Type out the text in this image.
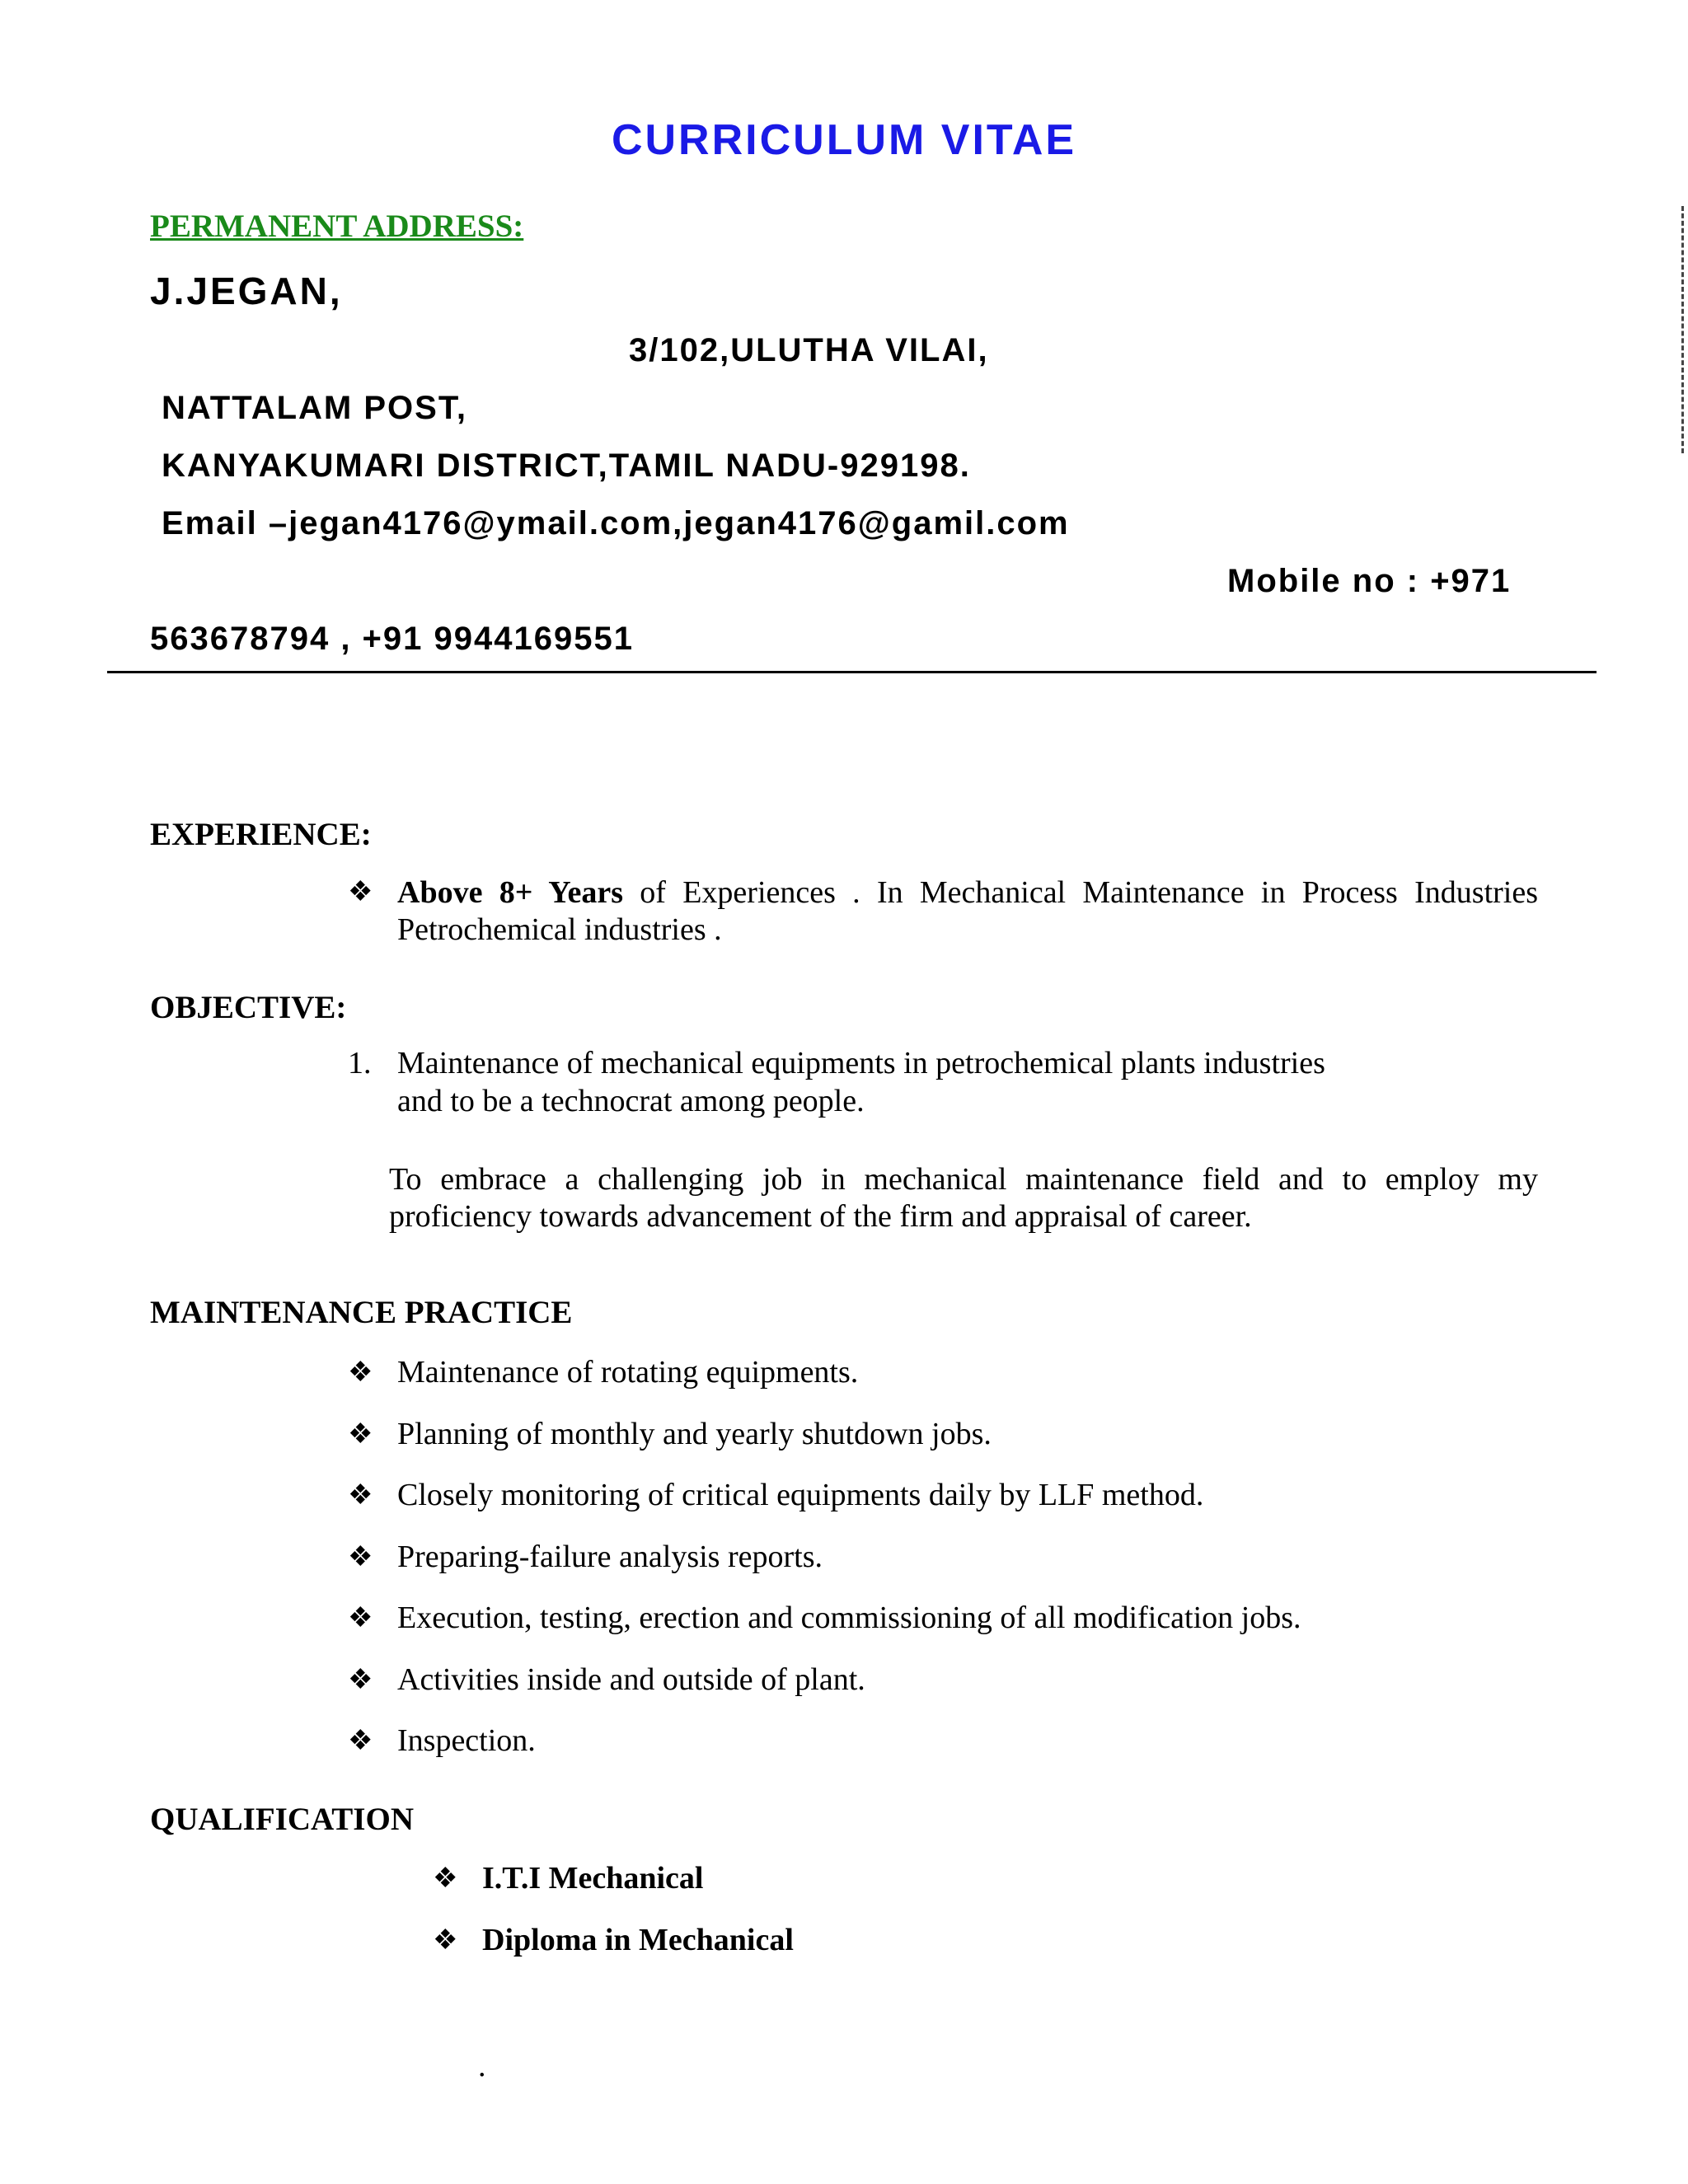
CURRICULUM VITAE
PERMANENT ADDRESS:
J.JEGAN,
3/102,ULUTHA VILAI,
NATTALAM POST,
KANYAKUMARI DISTRICT,TAMIL NADU-929198.
Email –jegan4176@ymail.com,jegan4176@gamil.com
Mobile no : +971
563678794 , +91 9944169551
EXPERIENCE:
❖ Above 8+ Years of Experiences . In Mechanical Maintenance in Process Industries
Petrochemical industries .
OBJECTIVE:
1. Maintenance of mechanical equipments in petrochemical plants industries
and to be a technocrat among people.
To embrace a challenging job in mechanical maintenance field and to employ my
proficiency towards advancement of the firm and appraisal of career.
MAINTENANCE PRACTICE
❖ Maintenance of rotating equipments.
❖ Planning of monthly and yearly shutdown jobs.
❖ Closely monitoring of critical equipments daily by LLF method.
❖ Preparing-failure analysis reports.
❖ Execution, testing, erection and commissioning of all modification jobs.
❖ Activities inside and outside of plant.
❖ Inspection.
QUALIFICATION
❖ I.T.I Mechanical
❖ Diploma in Mechanical
.
